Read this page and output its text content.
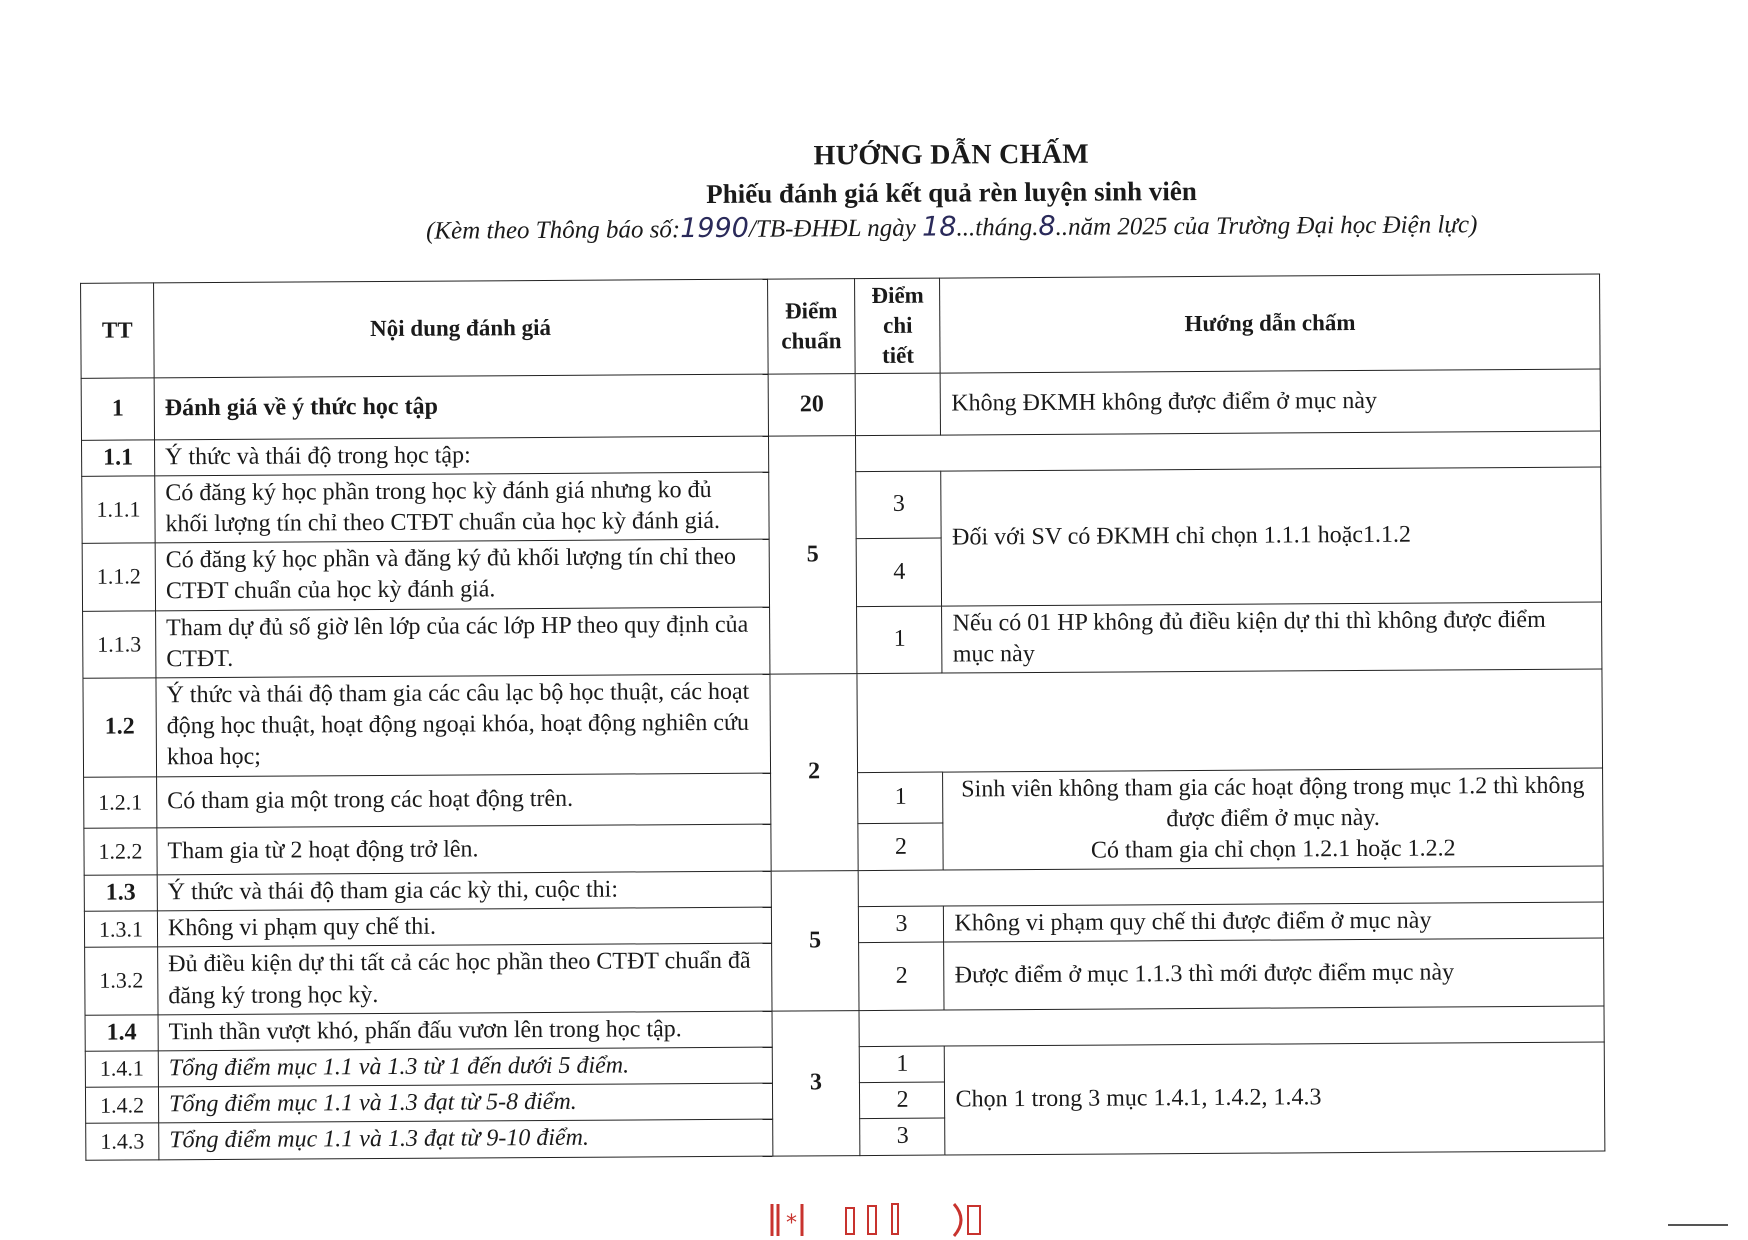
HƯỚNG DẪN CHẤM
Phiếu đánh giá kết quả rèn luyện sinh viên
(Kèm theo Thông báo số:1990/TB-ĐHĐL ngày 18...tháng.8..năm 2025 của Trường Đại học Điện lực)
TT	Nội dung đánh giá	Điểm chuẩn	Điểm chi tiết	Hướng dẫn chấm
1	Đánh giá về ý thức học tập	20		Không ĐKMH không được điểm ở mục này
1.1	Ý thức và thái độ trong học tập:	5		
1.1.1	Có đăng ký học phần trong học kỳ đánh giá nhưng ko đủ khối lượng tín chỉ theo CTĐT chuẩn của học kỳ đánh giá.		3	Đối với SV có ĐKMH chỉ chọn 1.1.1 hoặc1.1.2
1.1.2	Có đăng ký học phần và đăng ký đủ khối lượng tín chỉ theo CTĐT chuẩn của học kỳ đánh giá.		4	
1.1.3	Tham dự đủ số giờ lên lớp của các lớp HP theo quy định của CTĐT.		1	Nếu có 01 HP không đủ điều kiện dự thi thì không được điểm mục này
1.2	Ý thức và thái độ tham gia các câu lạc bộ học thuật, các hoạt động học thuật, hoạt động ngoại khóa, hoạt động nghiên cứu khoa học;	2		
1.2.1	Có tham gia một trong các hoạt động trên.		1	Sinh viên không tham gia các hoạt động trong mục 1.2 thì không được điểm ở mục này.
Có tham gia chỉ chọn 1.2.1 hoặc 1.2.2

1.2.2	Tham gia từ 2 hoạt động trở lên.		2	
1.3	Ý thức và thái độ tham gia các kỳ thi, cuộc thi:	5		
1.3.1	Không vi phạm quy chế thi.		3	Không vi phạm quy chế thi được điểm ở mục này
1.3.2	Đủ điều kiện dự thi tất cả các học phần theo CTĐT chuẩn đã đăng ký trong học kỳ.		2	Được điểm ở mục 1.1.3 thì mới được điểm mục này
1.4	Tinh thần vượt khó, phấn đấu vươn lên trong học tập.	3		
1.4.1	Tổng điểm mục 1.1 và 1.3 từ 1 đến dưới 5 điểm.		1	Chọn 1 trong 3 mục 1.4.1, 1.4.2, 1.4.3
1.4.2	Tổng điểm mục 1.1 và 1.3 đạt từ 5-8 điểm.		2	
1.4.3	Tổng điểm mục 1.1 và 1.3 đạt từ 9-10 điểm.		3	
*
